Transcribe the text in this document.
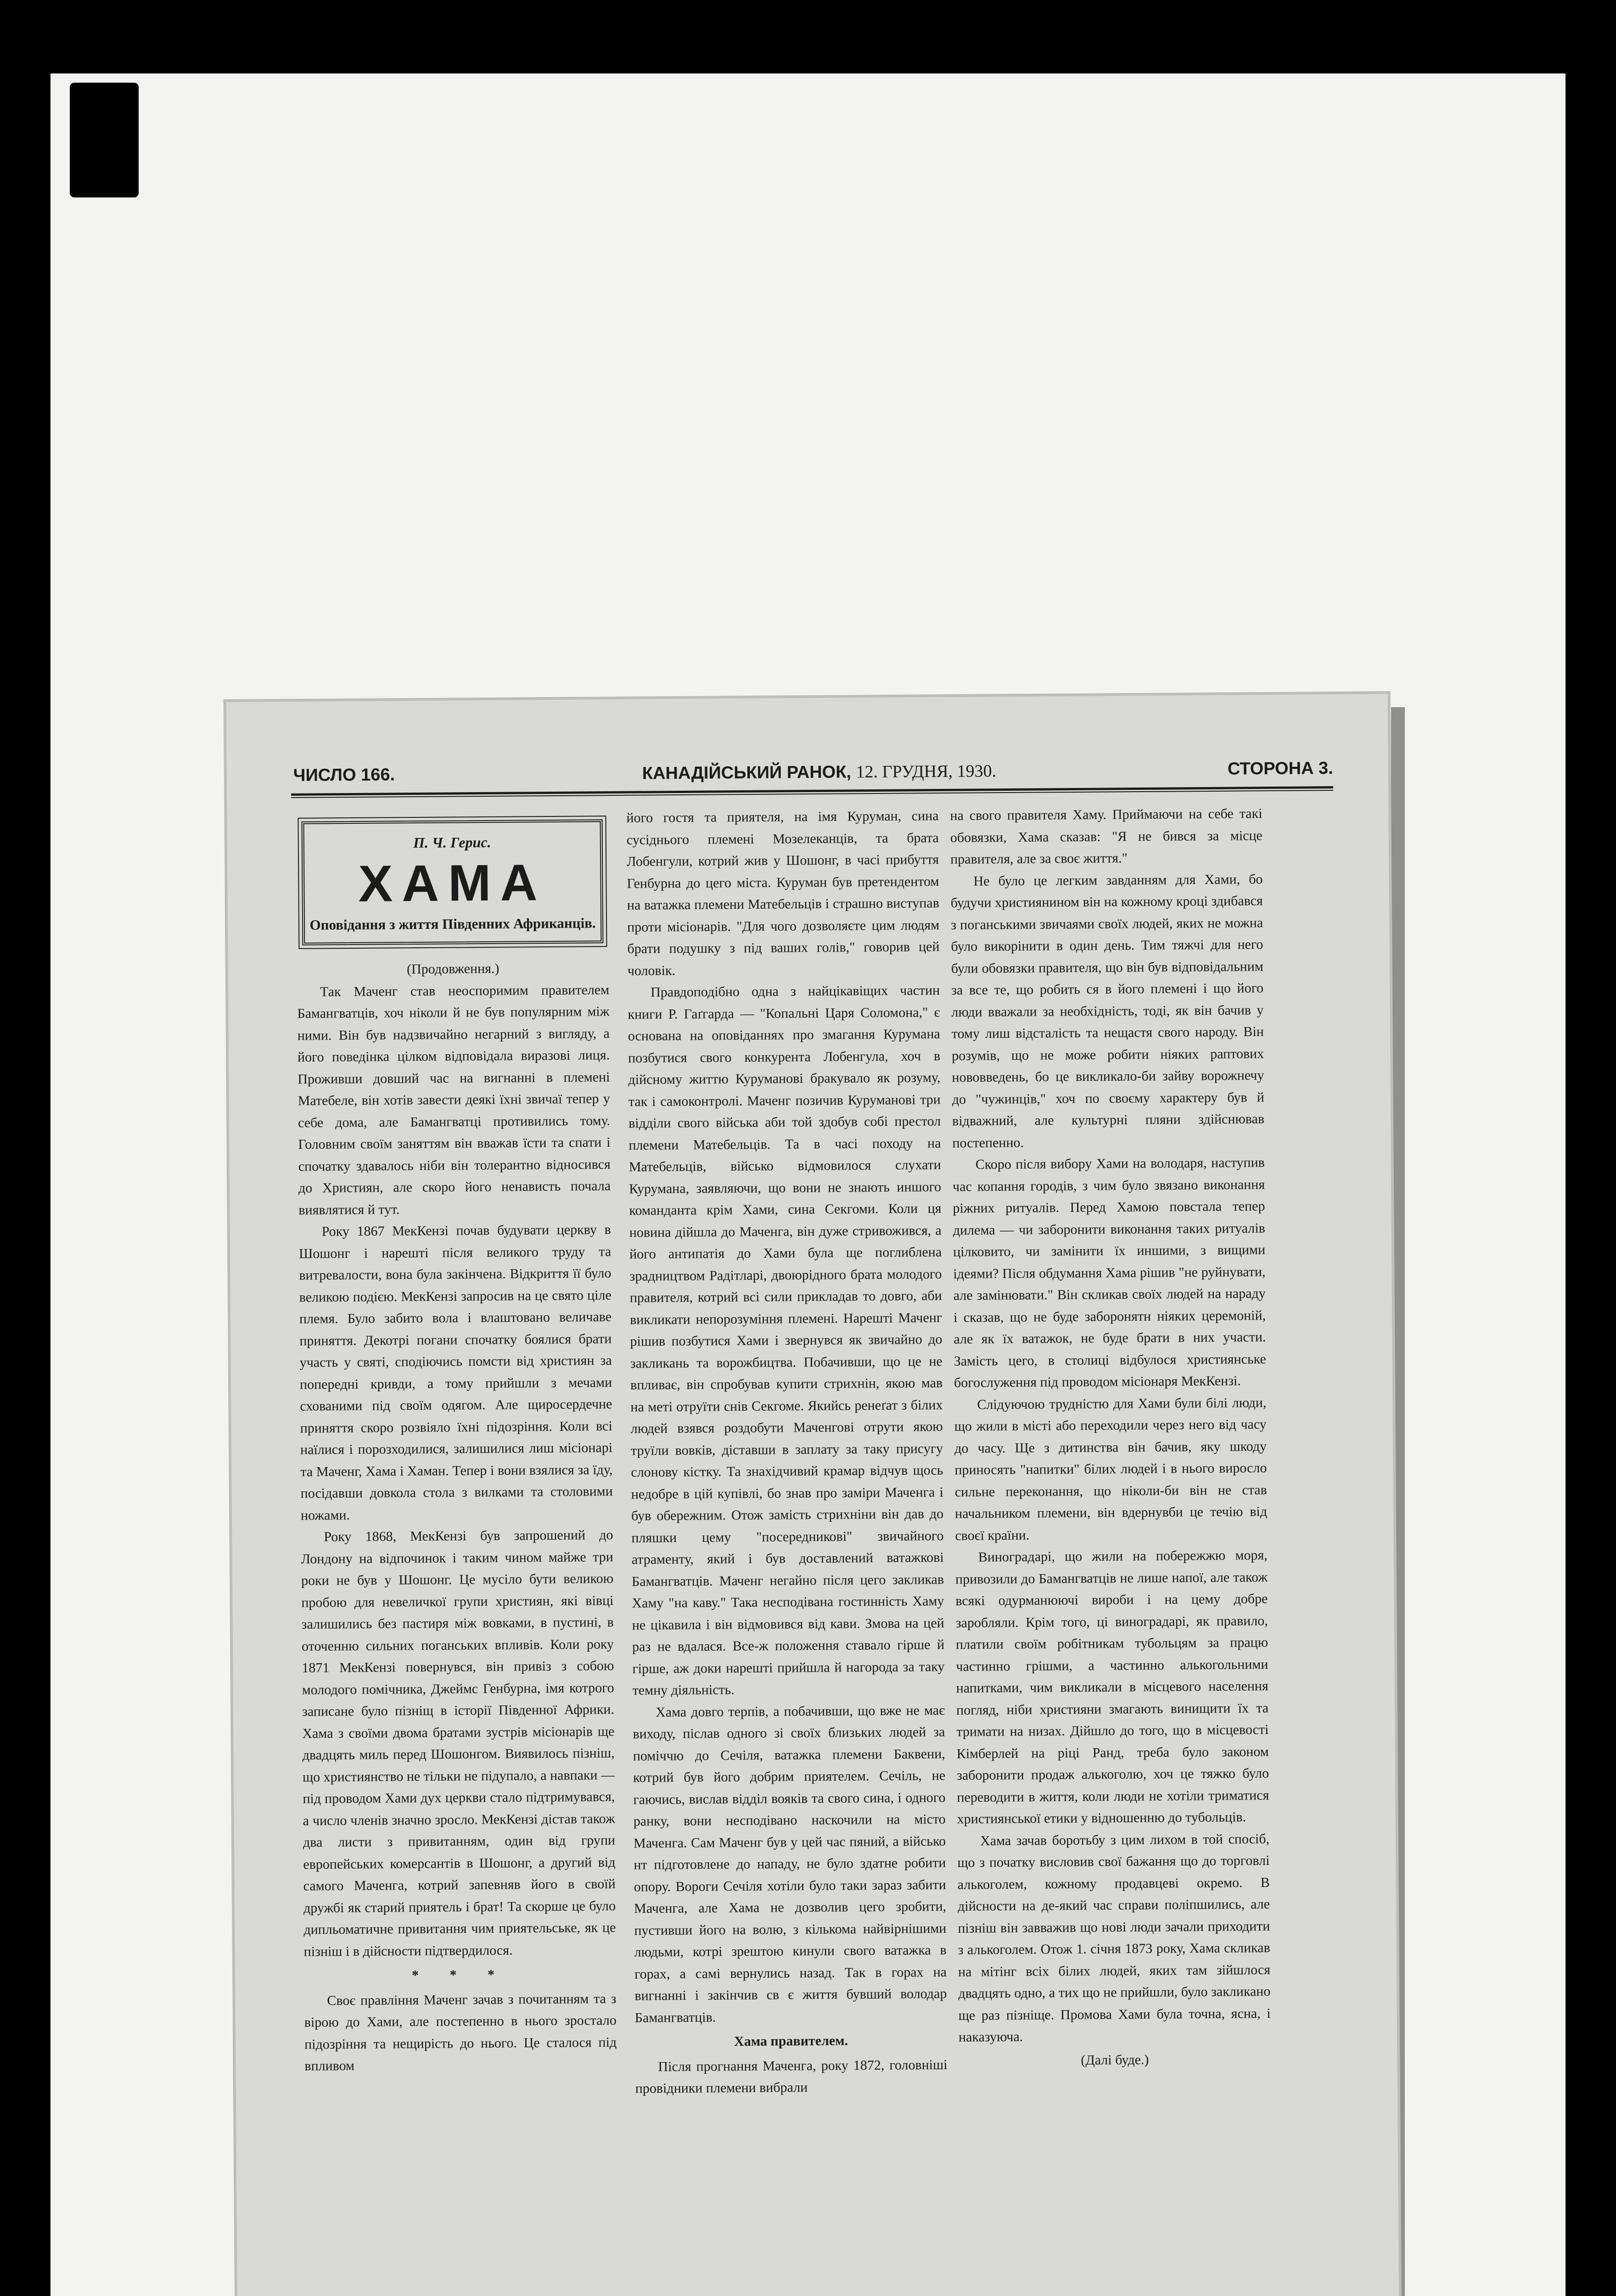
ЧИСЛО 166.	КАНАДІЙСЬКИЙ РАНОК, 12. ГРУДНЯ, 1930.	СТОРОНА 3.
П. Ч. Герис.
ХАМА
Оповідання з життя Південних Африканців.

(Продовження.)

Так Маченг став неоспоримим правителем Бамангватців, хоч ніколи й не був популярним між ними. Він був надзвичайно негарний з вигляду, а його поведінка цілком відповідала виразові лиця. Проживши довший час на вигнанні в племені Матебеле, він хотів завести деякі їхні звичаї тепер у себе дома, але Бамангватці противились тому. Головним своїм заняттям він вважав їсти та спати і спочатку здавалось ніби він толерантно відносився до Християн, але скоро його ненависть почала виявлятися й тут.

Року 1867 МекКензі почав будувати церкву в Шошонг і нарешті після великого труду та витревалости, вона була закінчена. Відкриття її було великою подією. МекКензі запросив на це свято ціле племя. Було забито вола і влаштовано величаве приняття. Декотрі погани спочатку боялися брати участь у святі, сподіючись помсти від християн за попередні кривди, а тому прийшли з мечами схованими під своїм одягом. Але щиросердечне приняття скоро розвіяло їхні підозріння. Коли всі наїлися і порозходилися, залишилися лиш місіонарі та Маченг, Хама і Хаман. Тепер і вони взялися за їду, посідавши довкола стола з вилками та столовими ножами.

Року 1868, МекКензі був запрошений до Лондону на відпочинок і таким чином майже три роки не був у Шошонг. Це мусіло бути великою пробою для невеличкої групи християн, які вівці залишились без пастиря між вовками, в пустині, в оточенню сильних поганських впливів. Коли року 1871 МекКензі повернувся, він привіз з собою молодого помічника, Джеймс Генбурна, імя котрого записане було пізніщ в історії Південної Африки. Хама з своїми двома братами зустрів місіонарів ще двадцять миль перед Шошонгом. Виявилось пізніш, що християнство не тільки не підупало, а навпаки — під проводом Хами дух церкви стало підтримувався, а число членів значно зросло. МекКензі дістав також два листи з привитанням, один від групи европейських комерсантів в Шошонг, а другий від самого Маченга, котрий запевняв його в своїй дружбі як старий приятель і брат! Та скорше це було дипльоматичне привитання чим приятельське, як це пізніш і в дійсности підтвердилося.

* * *

Своє правління Маченг зачав з почитанням та з вірою до Хами, але постепенно в нього зростало підозріння та нещирість до нього. Це сталося під впливом

його гостя та приятеля, на імя Куруман, сина сусіднього племені Мозелеканців, та брата Лобенгули, котрий жив у Шошонг, в часі прибуття Генбурна до цего міста. Куруман був претендентом на ватажка племени Матебельців і страшно виступав проти місіонарів. "Для чого дозволяєте цим людям брати подушку з під ваших голів," говорив цей чоловік.

Правдоподібно одна з найцікавіщих частин книги Р. Гаґгарда — "Копальні Царя Соломона," є основана на оповіданнях про змагання Курумана позбутися свого конкурента Лобенгула, хоч в дійсному життю Курумановi бракувало як розуму, так і самоконтролі. Маченг позичив Курумановi три відділи свого війська аби той здобув собі престол племени Матебельців. Та в часі походу на Матебельців, військо відмовилося слухати Курумана, заявляючи, що вони не знають иншого команданта крім Хами, сина Секгоми. Коли ця новина дійшла до Маченга, він дуже стривожився, а його антипатія до Хами була ще поглиблена зрадництвом Радітларі, двоюрідного брата молодого правителя, котрий всі сили прикладав то довго, аби викликати непорозуміння племені. Нарешті Маченг рішив позбутися Хами і звернувся як звичайно до закликань та ворожбицтва. Побачивши, що це не впливає, він спробував купити стрихнін, якою мав на меті отруїти снів Секгоме. Якийсь ренеґат з білих людей взявся роздобути Маченгові отрути якою труїли вовків, діставши в заплату за таку присугу слонову кістку. Та знахідчивий крамар відчув щось недобре в цій купівлі, бо знав про заміри Маченга і був обережним. Отож замість стрихніни він дав до пляшки цему "посередникові" звичайного атраменту, який і був доставлений ватажкові Бамангватців. Маченг негайно після цего закликав Хаму "на каву." Така несподівана гостинність Хаму не цікавила і він відмовився від кави. Змова на цей раз не вдалася. Все-ж положення ставало гірше й гірше, аж доки нарешті прийшла й нагорода за таку темну діяльність.

Хама довго терпів, а побачивши, що вже не має виходу, післав одного зі своїх близьких людей за поміччю до Сечіля, ватажка племени Баквени, котрий був його добрим приятелем. Сечіль, не гаючись, вислав відділ вояків та свого сина, і одного ранку, вони несподівано наскочили на місто Маченга. Сам Маченг був у цей час пяний, а військо нт підготовлене до нападу, не було здатне робити опору. Вороги Сечіля хотіли було таки зараз забити Маченга, але Хама не дозволив цего зробити, пустивши його на волю, з кількома найвірнішими людьми, котрі зрештою кинули свого ватажка в горах, а самі вернулись назад. Так в горах на вигнанні і закінчив св є життя бувший володар Бамангватців.

Хама правителем.

Після прогнання Маченга, року 1872, головніші провідники племени вибрали

на свого правителя Хаму. Приймаючи на себе такі обовязки, Хама сказав: "Я не бився за місце правителя, але за своє життя."

Не було це легким завданням для Хами, бо будучи християнином він на кожному кроці здибався з поганськими звичаями своїх людей, яких не можна було викорінити в один день. Тим тяжчі для него були обовязки правителя, що він був відповідальним за все те, що робить ся в його племені і що його люди вважали за необхідність, тоді, як він бачив у тому лиш відсталість та нещастя свого народу. Він розумів, що не може робити ніяких раптових нововведень, бо це викликало-би зайву ворожнечу до "чужинців," хоч по своєму характеру був й відважний, але культурні пляни здійснював постепенно.

Скоро після вибору Хами на володаря, наступив час копання городів, з чим було звязано виконання ріжних ритуалів. Перед Хамою повстала тепер дилема — чи заборонити виконання таких ритуалів цілковито, чи замінити їх иншими, з вищими ідеями? Після обдумання Хама рішив "не руйнувати, але замінювати." Він скликав своїх людей на нараду і сказав, що не буде заборонятн ніяких церемоній, але як їх ватажок, не буде брати в них участи. Замість цего, в столиці відбулося християнське богослуження під проводом місіонаря МекКензі.

Слідуючою трудністю для Хами були білі люди, що жили в місті або переходили через него від часу до часу. Ще з дитинства він бачив, яку шкоду приносять "напитки" білих людей і в нього виросло сильне переконання, що ніколи-би він не став начальником племени, він вдернувби це течію від своєї країни.

Виноградарі, що жили на побережжю моря, привозили до Бамангватців не лише напої, але також всякі одурманюючі вироби і на цему добре заробляли. Крім того, ці виноградарі, як правило, платили своїм робітникам тубольцям за працю частинно грішми, а частинно алькогольними напитками, чим викликали в місцевого населення погляд, ніби християни змагають винищити їх та тримати на низах. Дійшло до того, що в місцевості Кімберлей на ріці Ранд, треба було законом заборонити продаж алькоголю, хоч це тяжко було переводити в життя, коли люди не хотіли триматися християнської етики у відношенню до тубольців.

Хама зачав боротьбу з цим лихом в той спосіб, що з початку висловив свої бажання що до торговлі алькоголем, кожному продавцеві окремо. В дійсности на де-який час справи поліпшились, але пізніш він завважив що нові люди зачали приходити з алькоголем. Отож 1. січня 1873 року, Хама скликав на мітінг всіх білих людей, яких там зійшлося двадцять одно, а тих що не прийшли, було закликано ще раз пізніще. Промова Хами була точна, ясна, і наказуюча.

(Далі буде.)
